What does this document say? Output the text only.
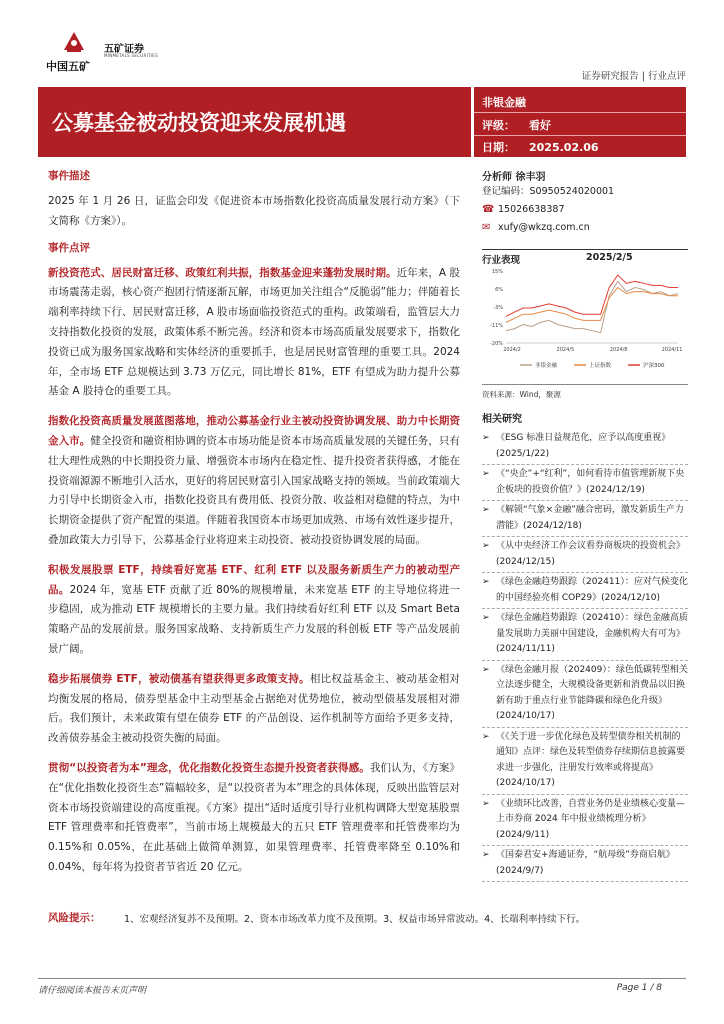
中国五矿
五矿证券
MINMETALS SECURITIES
证券研究报告 | 行业点评
公募基金被动投资迎来发展机遇
非银金融
评级： 看好
日期： 2025.02.06
事件描述

2025 年 1 月 26 日，证监会印发《促进资本市场指数化投资高质量发展行动方案》（下文简称《方案》）。

事件点评

新投资范式、居民财富迁移、政策红利共振，指数基金迎来蓬勃发展时期。近年来，A 股市场震荡走弱，核心资产抱团行情逐渐瓦解，市场更加关注组合“反脆弱”能力；伴随着长端利率持续下行、居民财富迁移，A 股市场面临投资范式的重构。政策端看，监管层大力支持指数化投资的发展，政策体系不断完善。经济和资本市场高质量发展要求下，指数化投资已成为服务国家战略和实体经济的重要抓手，也是居民财富管理的重要工具。2024 年，全市场 ETF 总规模达到 3.73 万亿元，同比增长 81%，ETF 有望成为助力提升公募基金 A 股持仓的重要工具。

指数化投资高质量发展蓝图落地，推动公募基金行业主被动投资协调发展、助力中长期资金入市。健全投资和融资相协调的资本市场功能是资本市场高质量发展的关键任务，只有壮大理性成熟的中长期投资力量、增强资本市场内在稳定性、提升投资者获得感，才能在投资端源源不断地引入活水，更好的将居民财富引入国家战略支持的领域。当前政策端大力引导中长期资金入市，指数化投资具有费用低、投资分散、收益相对稳健的特点，为中长期资金提供了资产配置的渠道。伴随着我国资本市场更加成熟、市场有效性逐步提升，叠加政策大力引导下，公募基金行业将迎来主动投资、被动投资协调发展的局面。

积极发展股票 ETF，持续看好宽基 ETF、红利 ETF 以及服务新质生产力的被动型产品。2024 年，宽基 ETF 贡献了近 80%的规模增量，未来宽基 ETF 的主导地位将进一步稳固，成为推动 ETF 规模增长的主要力量。我们持续看好红利 ETF 以及 Smart Beta 策略产品的发展前景。服务国家战略、支持新质生产力发展的科创板 ETF 等产品发展前景广阔。

稳步拓展债券 ETF，被动债基有望获得更多政策支持。相比权益基金主、被动基金相对均衡发展的格局，债券型基金中主动型基金占据绝对优势地位，被动型债基发展相对滞后。我们预计，未来政策有望在债券 ETF 的产品创设、运作机制等方面给予更多支持，改善债券基金主被动投资失衡的局面。

贯彻“以投资者为本”理念，优化指数化投资生态提升投资者获得感。我们认为，《方案》在“优化指数化投资生态”篇幅较多，是“以投资者为本”理念的具体体现，反映出监管层对资本市场投资端建设的高度重视。《方案》提出“适时适度引导行业机构调降大型宽基股票 ETF 管理费率和托管费率”，当前市场上规模最大的五只 ETF 管理费率和托管费率均为 0.15%和 0.05%，在此基础上做简单测算，如果管理费率、托管费率降至 0.10%和 0.04%，每年将为投资者节省近 20 亿元。

分析师 徐丰羽
登记编码：S0950524020001
☎ 15026638387
✉ xufy@wkzq.com.cn
行业表现	2025/2/5
15%
6%
-3%
-11%
-20%
2024/2	2024/5	2024/8	2024/11
非银金融	上证指数	沪深300
资料来源：Wind，聚源
相关研究
➢ 《ESG 标准日益规范化，应予以高度重视》(2025/1/22)
➢ 《“央企”+“红利”，如何看待市值管理新规下央企板块的投资价值？》(2024/12/19)
➢ 《解锁“气象×金融”融合密码，激发新质生产力潜能》(2024/12/18)
➢ 《从中央经济工作会议看券商板块的投资机会》(2024/12/15)
➢ 《绿色金融趋势跟踪（202411）：应对气候变化的中国经验亮相 COP29》(2024/12/10)
➢ 《绿色金融趋势跟踪（202410）：绿色金融高质量发展助力美丽中国建设，金融机构大有可为》(2024/11/11)
➢ 《绿色金融月报（202409）：绿色低碳转型相关立法逐步健全，大规模设备更新和消费品以旧换新有助于重点行业节能降碳和绿色化升级》(2024/10/17)
➢ 《《关于进一步优化绿色及转型债券相关机制的通知》点评：绿色及转型债券存续期信息披露要求进一步强化，注册发行效率或将提高》(2024/10/17)
➢ 《业绩环比改善，自营业务仍是业绩核心变量—上市券商 2024 年中报业绩梳理分析》(2024/9/11)
➢ 《国泰君安+海通证券，“航母级”券商启航》(2024/9/7)
风险提示：	1、宏观经济复苏不及预期。2、资本市场改革力度不及预期。3、权益市场异常波动。4、长端利率持续下行。
请仔细阅读本报告末页声明	Page 1 / 8
